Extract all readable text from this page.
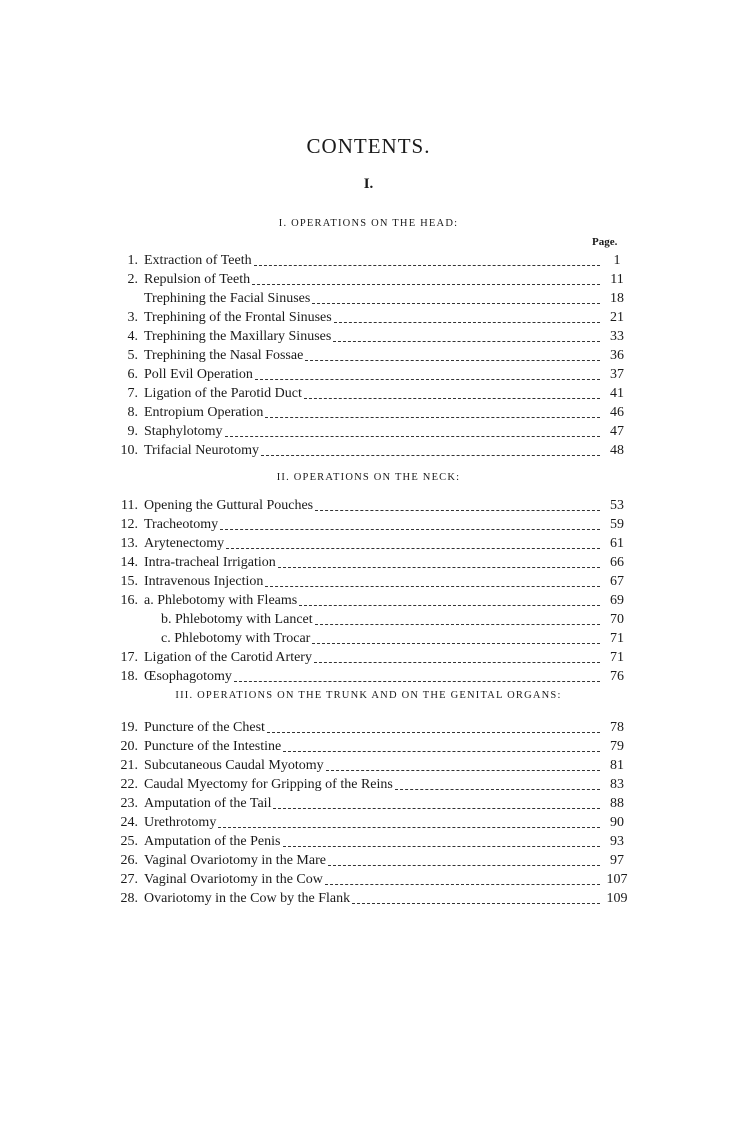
CONTENTS.
I.
I. OPERATIONS ON THE HEAD:
Page.
1. Extraction of Teeth	1
2. Repulsion of Teeth	11
Trephining the Facial Sinuses	18
3. Trephining of the Frontal Sinuses	21
4. Trephining the Maxillary Sinuses	33
5. Trephining the Nasal Fossae	36
6. Poll Evil Operation	37
7. Ligation of the Parotid Duct	41
8. Entropium Operation	46
9. Staphylotomy	47
10. Trifacial Neurotomy	48
II. OPERATIONS ON THE NECK:
11. Opening the Guttural Pouches	53
12. Tracheotomy	59
13. Arytenectomy	61
14. Intra-tracheal Irrigation	66
15. Intravenous Injection	67
16. a. Phlebotomy with Fleams	69
b. Phlebotomy with Lancet	70
c. Phlebotomy with Trocar	71
17. Ligation of the Carotid Artery	71
18. Œsophagotomy	76
III. OPERATIONS ON THE TRUNK AND ON THE GENITAL ORGANS:
19. Puncture of the Chest	78
20. Puncture of the Intestine	79
21. Subcutaneous Caudal Myotomy	81
22. Caudal Myectomy for Gripping of the Reins	83
23. Amputation of the Tail	88
24. Urethrotomy	90
25. Amputation of the Penis	93
26. Vaginal Ovariotomy in the Mare	97
27. Vaginal Ovariotomy in the Cow	107
28. Ovariotomy in the Cow by the Flank	109
